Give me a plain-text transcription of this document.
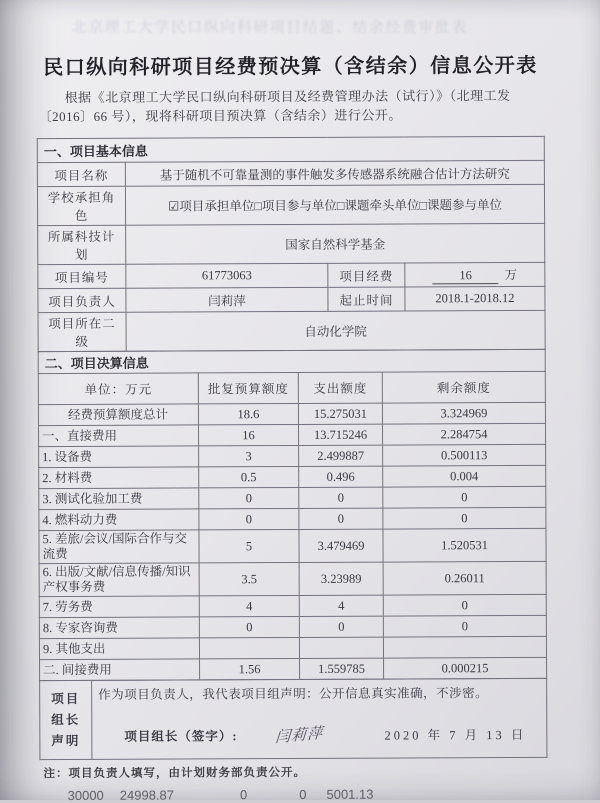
北京理工大学民口纵向科研项目结题、结余经费审批表
民口纵向科研项目经费预决算（含结余）信息公开表

根据《北京理工大学民口纵向科研项目及经费管理办法（试行）》（北理工发〔2016〕66 号），现将科研项目预决算（含结余）进行公开。

一、项目基本信息			
项目名称	基于随机不可靠量测的事件触发多传感器系统融合估计方法研究		
学校承担角色	☑项目承担单位□项目参与单位□课题牵头单位□课题参与单位		
所属科技计划	国家自然科学基金		
项目编号	61773063	项目经费	16 万
项目负责人	闫莉萍	起止时间	2018.1-2018.12
项目所在二级	自动化学院		
二、项目决算信息			
单位：万元	批复预算额度	支出额度	剩余额度
经费预算额度总计	18.6	15.275031	3.324969
一、直接费用	16	13.715246	2.284754
1. 设备费	3	2.499887	0.500113
2. 材料费	0.5	0.496	0.004
3. 测试化验加工费	0	0	0
4. 燃料动力费	0	0	0
5. 差旅/会议/国际合作与交流费	5	3.479469	1.520531
6. 出版/文献/信息传播/知识产权事务费	3.5	3.23989	0.26011
7. 劳务费	4	4	0
8. 专家咨询费	0	0	0
9. 其他支出			
二. 间接费用	1.56	1.559785	0.000215
项目
组长
声明

作为项目负责人，我代表项目组声明：公开信息真实准确，不涉密。
项目组长（签字）: 闫莉萍	2020 年 7 月 13 日
注：项目负责人填写，由计划财务部负责公开。
30000 24998.87	0	0 5001.13
